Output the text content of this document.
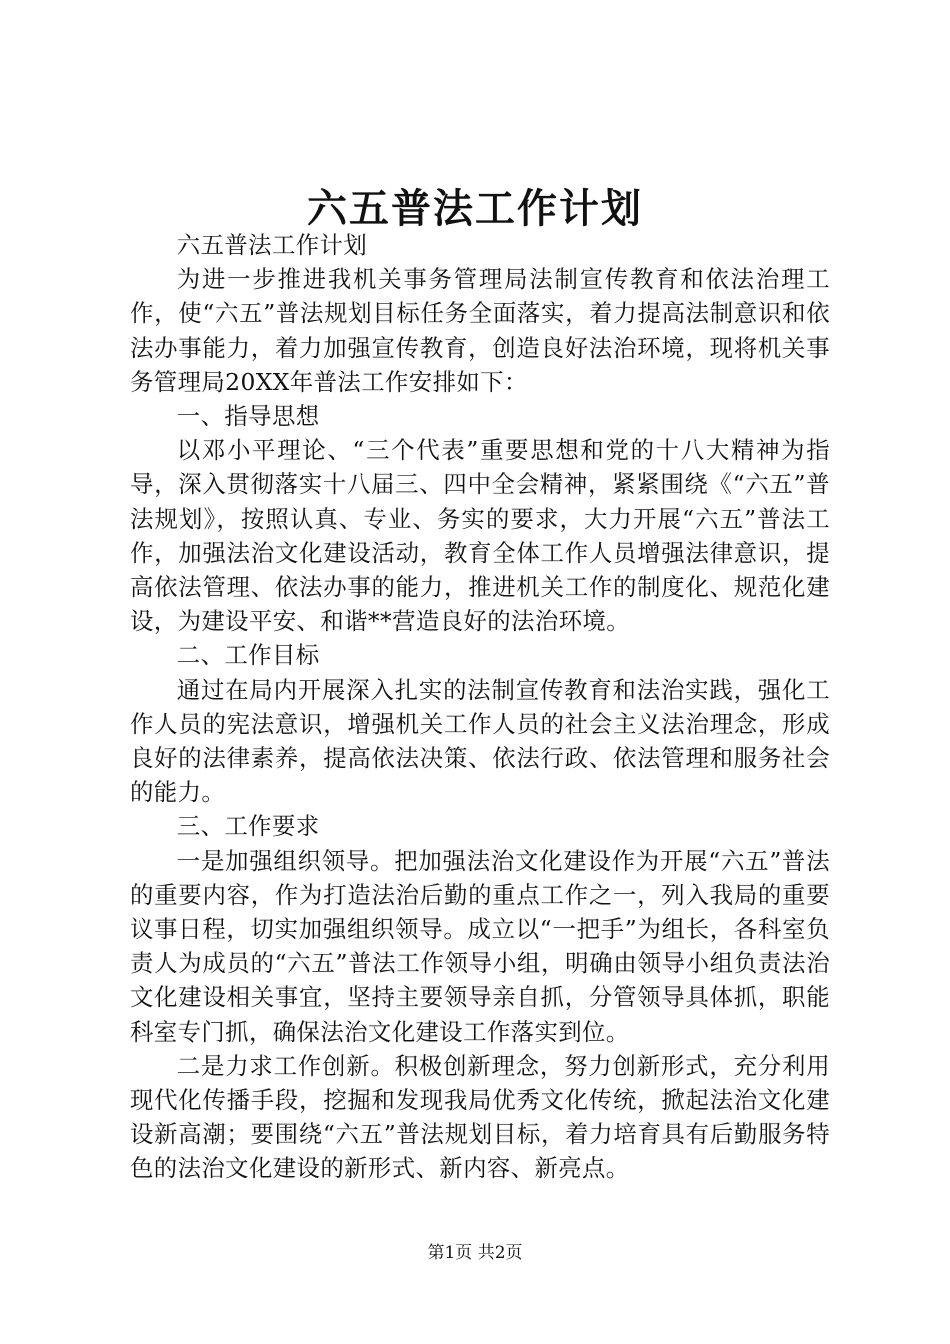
六五普法工作计划

六五普法工作计划

为进一步推进我机关事务管理局法制宣传教育和依法治理工作，使“六五”普法规划目标任务全面落实，着力提高法制意识和依法办事能力，着力加强宣传教育，创造良好法治环境，现将机关事务管理局20XX年普法工作安排如下：

一、指导思想

以邓小平理论、“三个代表”重要思想和党的十八大精神为指导，深入贯彻落实十八届三、四中全会精神，紧紧围绕《“六五”普法规划》，按照认真、专业、务实的要求，大力开展“六五”普法工作，加强法治文化建设活动，教育全体工作人员增强法律意识，提高依法管理、依法办事的能力，推进机关工作的制度化、规范化建设，为建设平安、和谐**营造良好的法治环境。

二、工作目标

通过在局内开展深入扎实的法制宣传教育和法治实践，强化工作人员的宪法意识，增强机关工作人员的社会主义法治理念，形成良好的法律素养，提高依法决策、依法行政、依法管理和服务社会的能力。

三、工作要求

一是加强组织领导。把加强法治文化建设作为开展“六五”普法的重要内容，作为打造法治后勤的重点工作之一，列入我局的重要议事日程，切实加强组织领导。成立以“一把手”为组长，各科室负责人为成员的“六五”普法工作领导小组，明确由领导小组负责法治文化建设相关事宜，坚持主要领导亲自抓，分管领导具体抓，职能科室专门抓，确保法治文化建设工作落实到位。

二是力求工作创新。积极创新理念，努力创新形式，充分利用现代化传播手段，挖掘和发现我局优秀文化传统，掀起法治文化建设新高潮；要围绕“六五”普法规划目标，着力培育具有后勤服务特色的法治文化建设的新形式、新内容、新亮点。

第1页 共2页
